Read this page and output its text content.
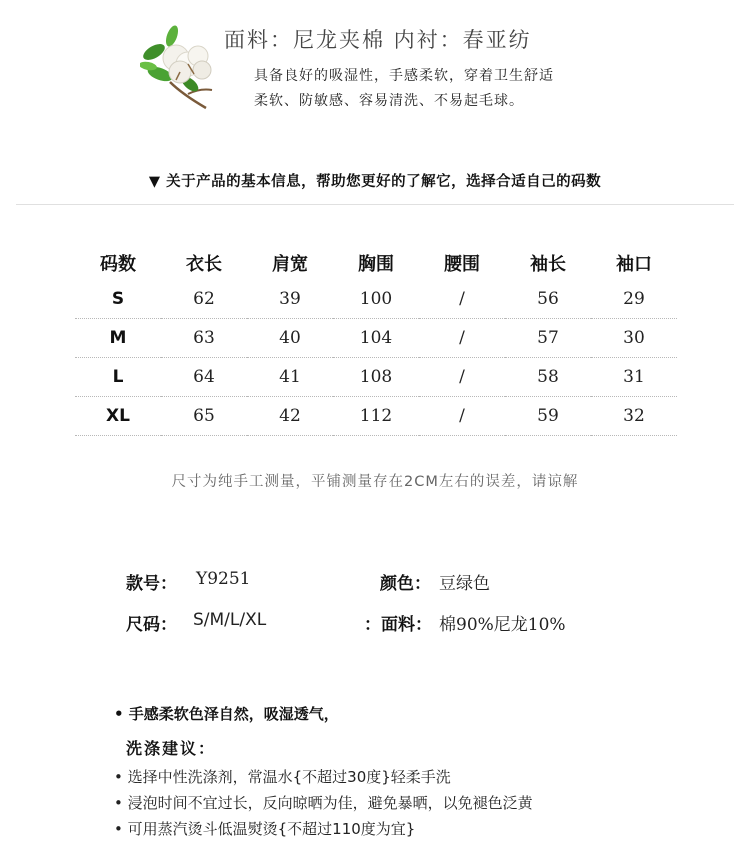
面料：尼龙夹棉 内衬：春亚纺
具备良好的吸湿性，手感柔软，穿着卫生舒适
柔软、防敏感、容易清洗、不易起毛球。
▼ 关于产品的基本信息，帮助您更好的了解它，选择合适自己的码数
码数	衣长	肩宽	胸围	腰围	袖长	袖口
S	62	39	100	/	56	29
M	63	40	104	/	57	30
L	64	41	108	/	58	31
XL	65	42	112	/	59	32
尺寸为纯手工测量，平铺测量存在2CM左右的误差，请谅解
款号： Y9251	颜色： 豆绿色
尺码： S/M/L/XL	：面料： 棉90%尼龙10%
• 手感柔软色泽自然，吸湿透气，
洗涤建议：
• 选择中性洗涤剂，常温水{不超过30度}轻柔手洗
• 浸泡时间不宜过长，反向晾晒为佳，避免暴晒，以免褪色泛黄
• 可用蒸汽烫斗低温熨烫{不超过110度为宜}
